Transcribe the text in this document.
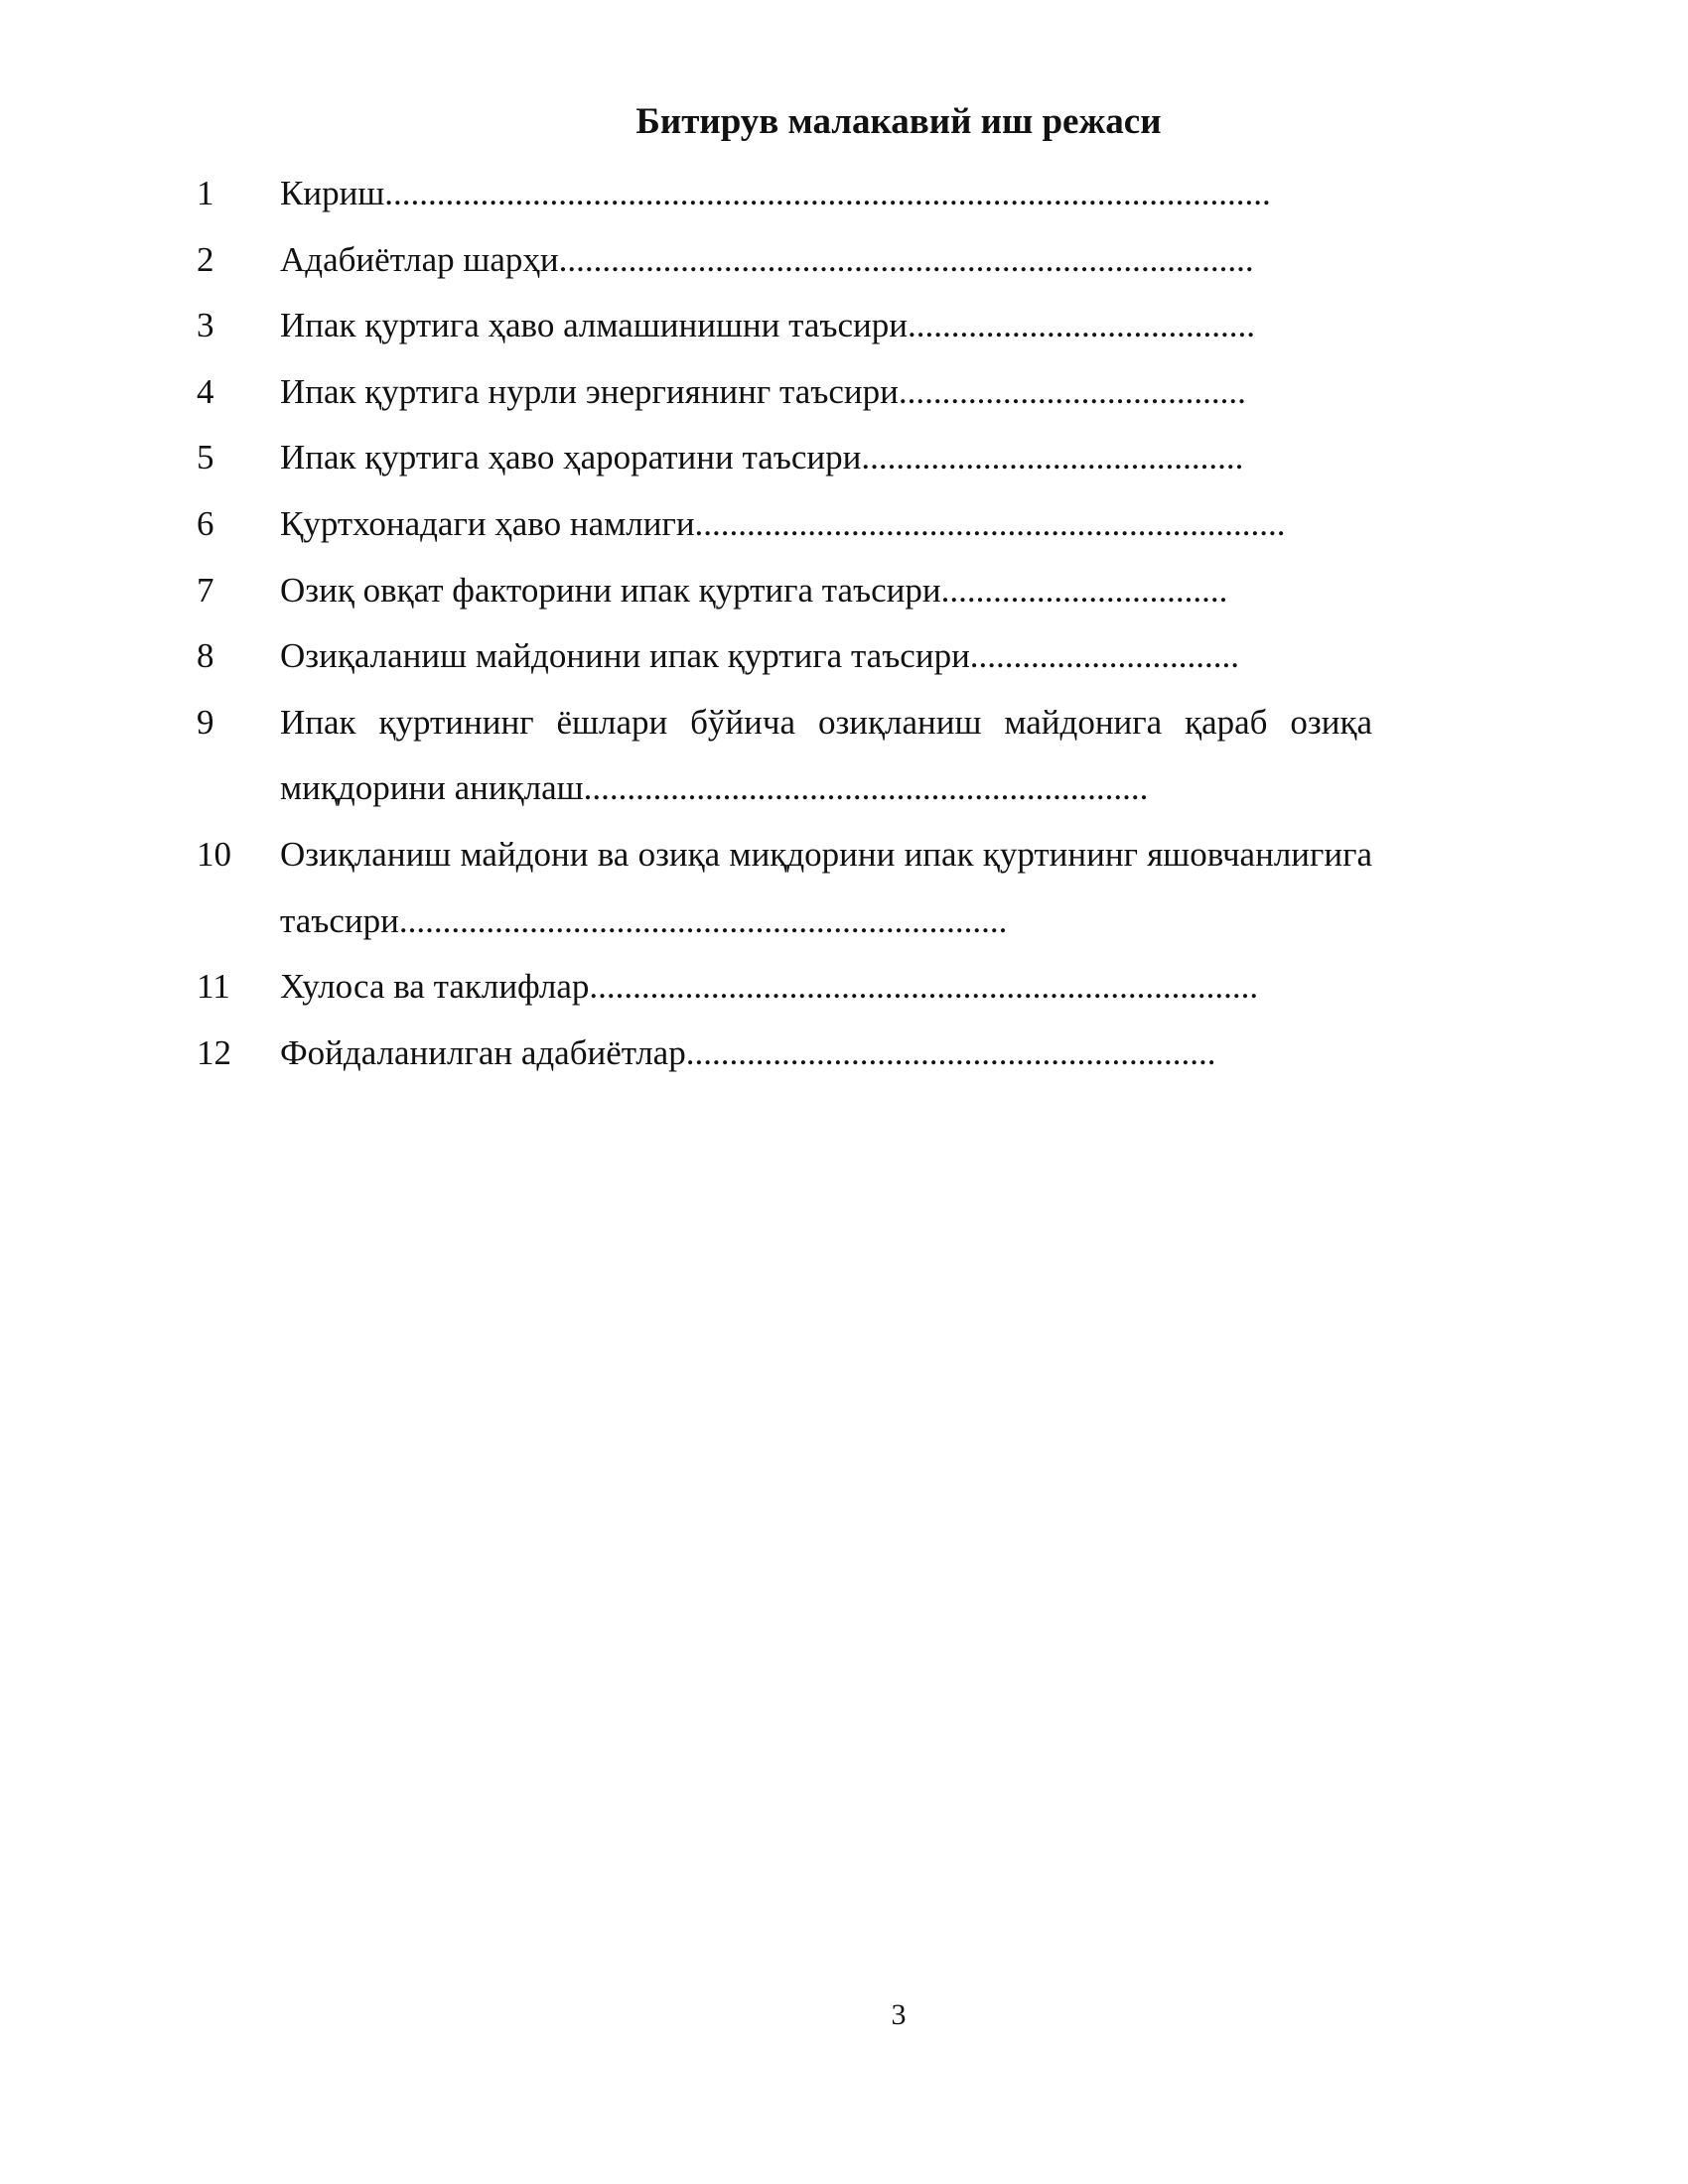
Битирув малакавий иш режаси
1	Кириш......................................................................................................
2	Адабиётлар шарҳи................................................................................
3	Ипак қуртига ҳаво алмашинишни таъсири........................................
4	Ипак қуртига нурли энергиянинг таъсири........................................
5	Ипак қуртига ҳаво ҳароратини таъсири............................................
6	Қуртхонадаги ҳаво намлиги....................................................................
7	Озиқ овқат факторини ипак қуртига таъсири.................................
8	Озиқаланиш майдонини ипак қуртига таъсири...............................
9	Ипак қуртининг ёшлари бўйича озиқланиш майдонига қараб озиқа миқдорини аниқлаш.................................................................
10	Озиқланиш майдони ва озиқа миқдорини ипак қуртининг яшовчанлигига таъсири......................................................................
11	Хулоса ва таклифлар.............................................................................
12	Фойдаланилган адабиётлар.............................................................
3
